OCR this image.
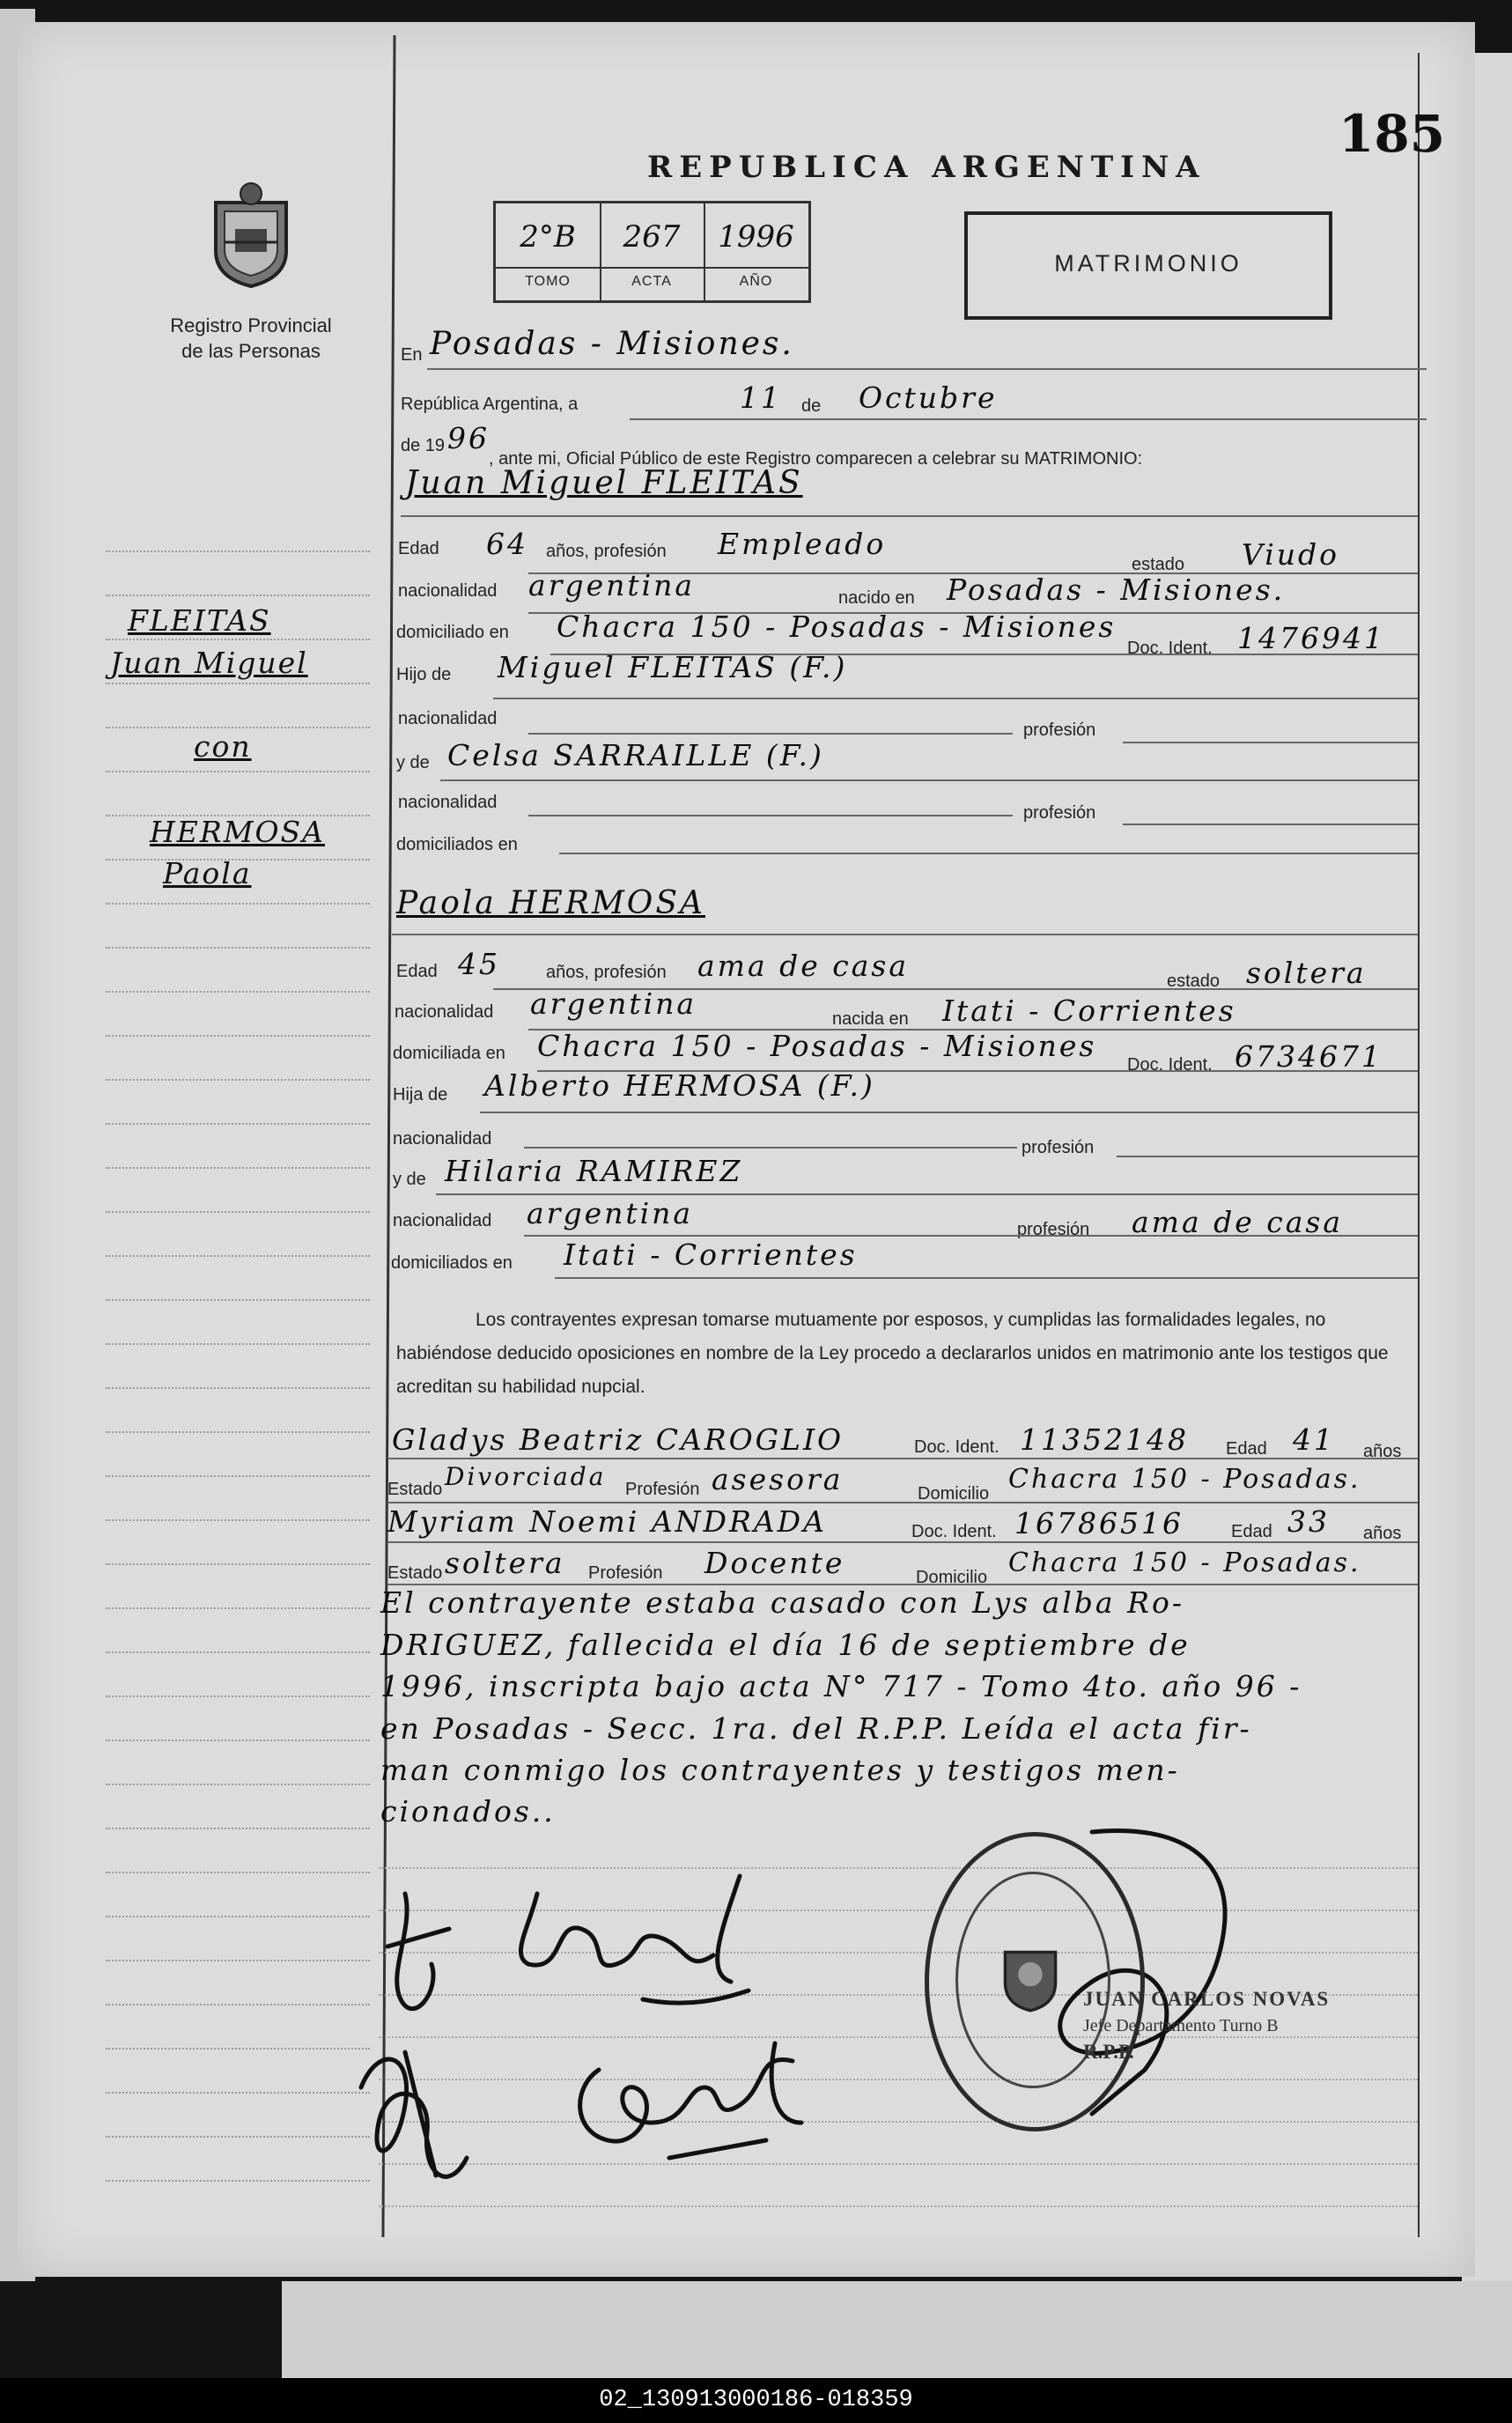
Registro Provincial
de las Personas
FLEITAS
Juan Miguel
con
HERMOSA
Paola
REPUBLICA ARGENTINA
185
2°B
TOMO
267
ACTA
1996
AÑO
MATRIMONIO
En Posadas - Misiones.
República Argentina, a	11 de Octubre
de 19 96
, ante mi, Oficial Público de este Registro comparecen a celebrar su MATRIMONIO:
Juan Miguel FLEITAS
Edad 64 años, profesión Empleado
estado Viudo
nacionalidad argentina	nacido en Posadas - Misiones.
domiciliado en Chacra 150 - Posadas - Misiones
Doc. Ident. 1476941
Hijo de Miguel FLEITAS (F.)
nacionalidad
profesión
y de Celsa SARRAILLE (F.)
nacionalidad
profesión
domiciliados en
Paola HERMOSA
Edad 45	años, profesión ama de casa	estado soltera
nacionalidad argentina	nacida en Itati - Corrientes
domiciliada en Chacra 150 - Posadas - Misiones
Doc. Ident. 6734671
Hija de Alberto HERMOSA (F.)
nacionalidad	profesión
y de Hilaria RAMIREZ
nacionalidad argentina	profesión ama de casa
domiciliados en Itati - Corrientes
Los contrayentes expresan tomarse mutuamente por esposos, y cumplidas las formalidades legales, no habiéndose deducido oposiciones en nombre de la Ley procedo a declararlos unidos en matrimonio ante los testigos que acreditan su habilidad nupcial.
Gladys Beatriz CAROGLIO	Doc. Ident. 11352148 Edad 41 años
Estado Divorciada Profesión asesora	Domicilio Chacra 150 - Posadas.
Myriam Noemi ANDRADA	Doc. Ident. 16786516	Edad 33 años
Estado soltera Profesión Docente	Domicilio Chacra 150 - Posadas.
El contrayente estaba casado con Lys alba Ro-
DRIGUEZ, fallecida el día 16 de septiembre de
1996, inscripta bajo acta N° 717 - Tomo 4to. año 96 -
en Posadas - Secc. 1ra. del R.P.P. Leída el acta fir-
man conmigo los contrayentes y testigos men-
cionados..
JUAN CARLOS NOVAS
Jefe Departamento Turno B
R.P.P.
02_130913000186-018359
